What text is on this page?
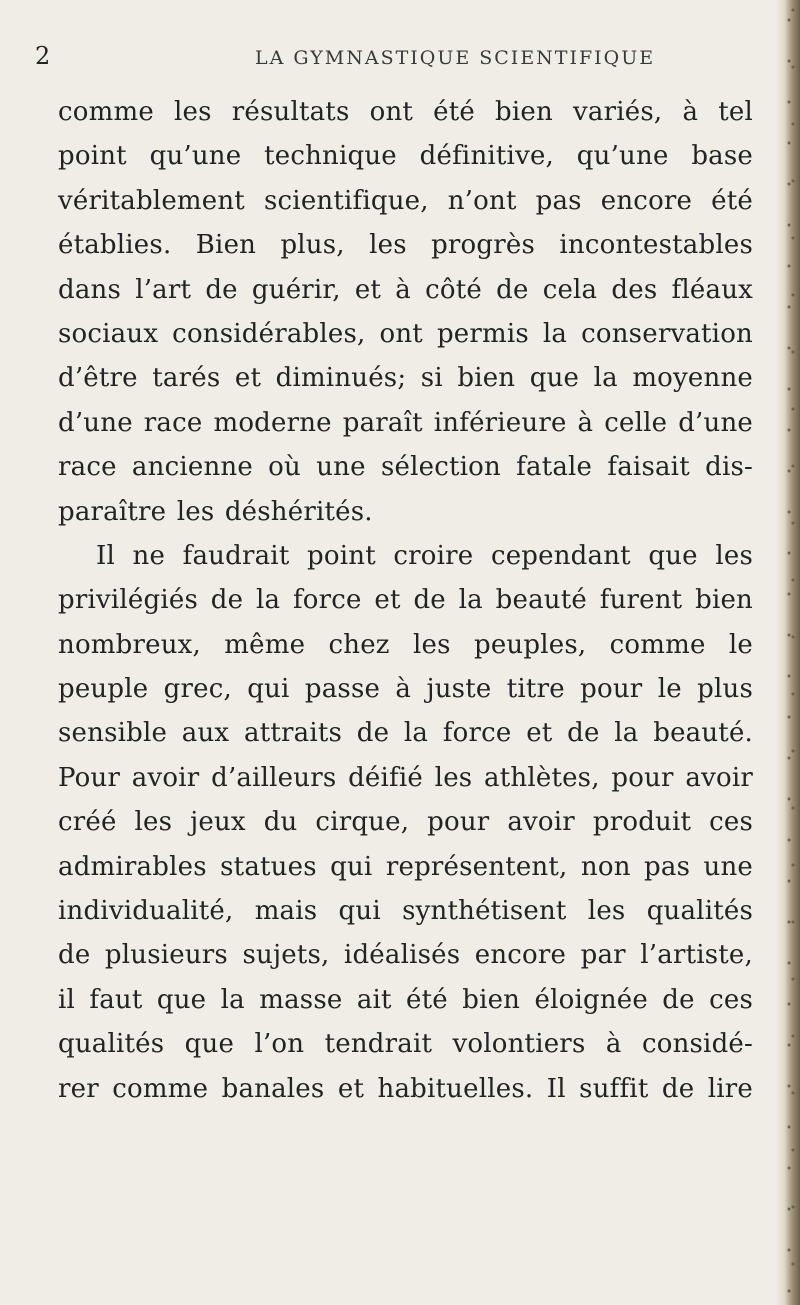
2	LA GYMNASTIQUE SCIENTIFIQUE
comme les résultats ont été bien variés, à tel
point qu’une technique définitive, qu’une base
véritablement scientifique, n’ont pas encore été
établies. Bien plus, les progrès incontestables
dans l’art de guérir, et à côté de cela des fléaux
sociaux considérables, ont permis la conservation
d’être tarés et diminués; si bien que la moyenne
d’une race moderne paraît inférieure à celle d’une
race ancienne où une sélection fatale faisait dis-
paraître les déshérités.
Il ne faudrait point croire cependant que les
privilégiés de la force et de la beauté furent bien
nombreux, même chez les peuples, comme le
peuple grec, qui passe à juste titre pour le plus
sensible aux attraits de la force et de la beauté.
Pour avoir d’ailleurs déifié les athlètes, pour avoir
créé les jeux du cirque, pour avoir produit ces
admirables statues qui représentent, non pas une
individualité, mais qui synthétisent les qualités
de plusieurs sujets, idéalisés encore par l’artiste,
il faut que la masse ait été bien éloignée de ces
qualités que l’on tendrait volontiers à considé-
rer comme banales et habituelles. Il suffit de lire
